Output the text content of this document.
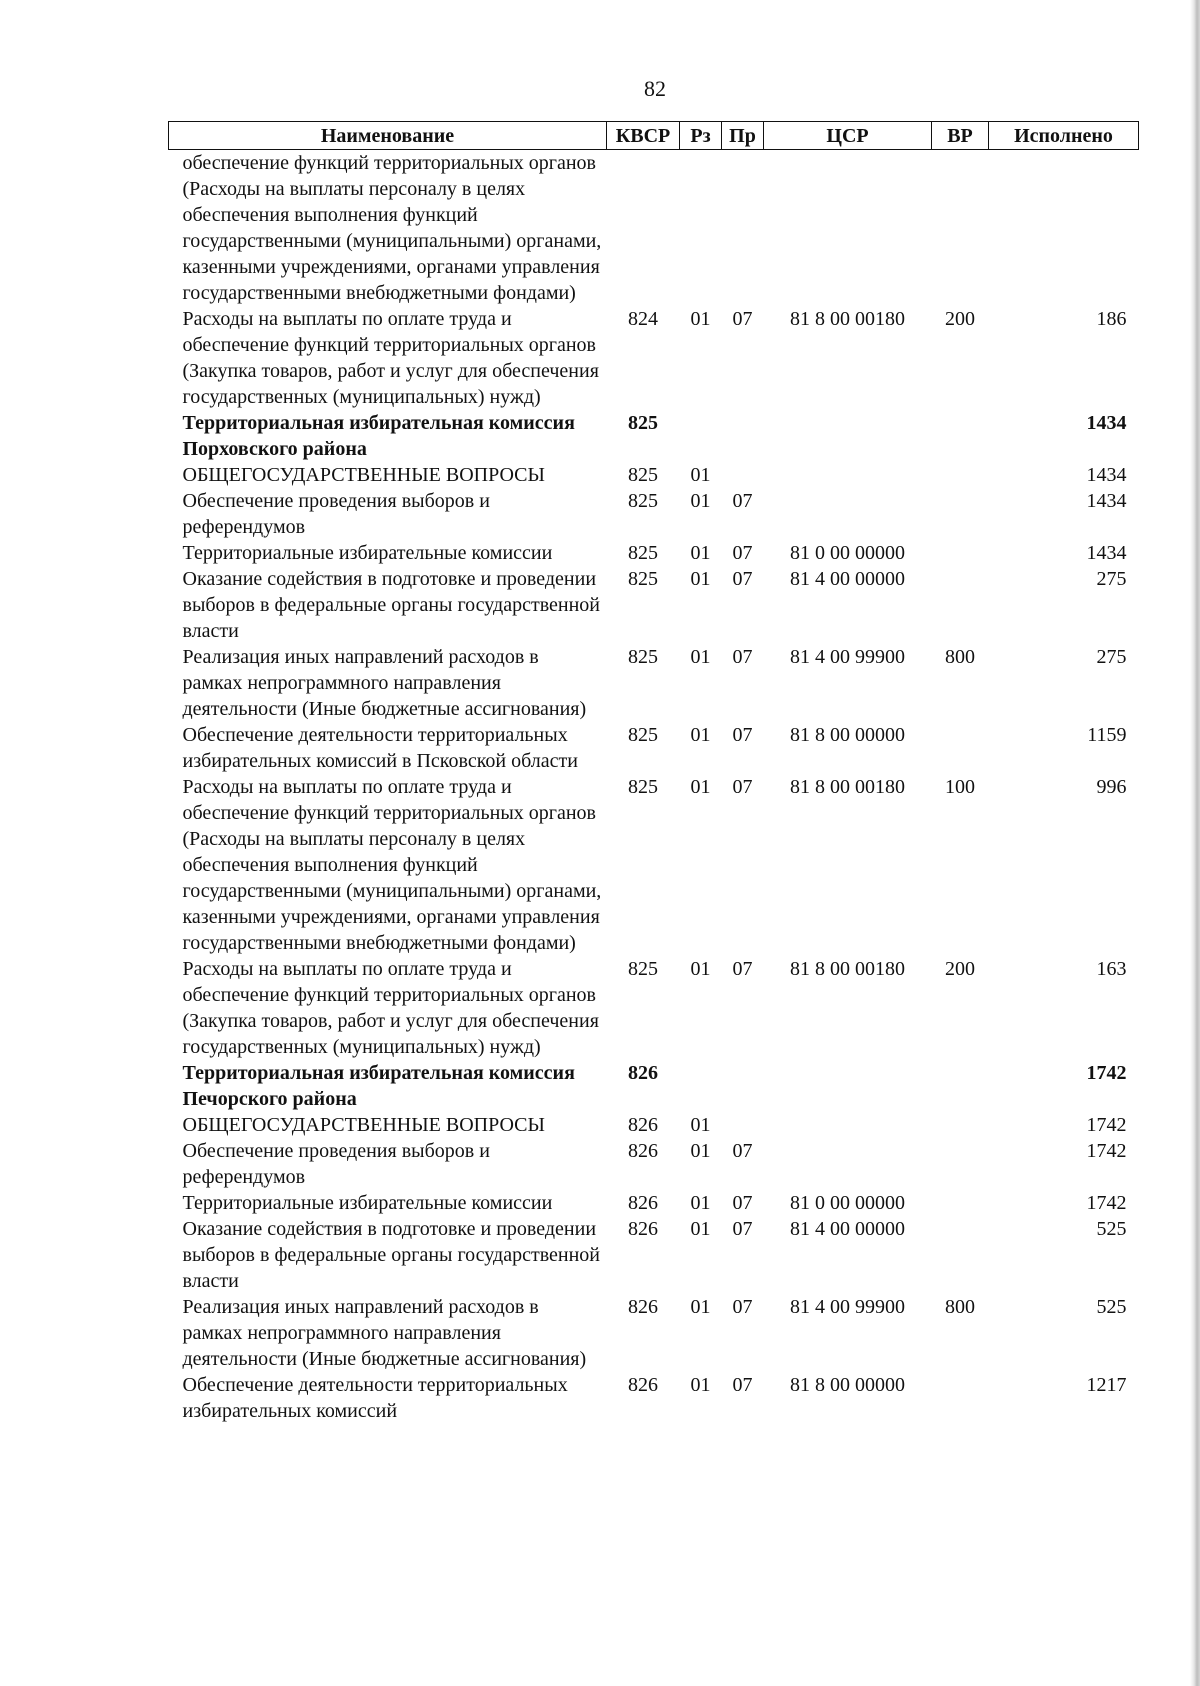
82
Наименование	КВСР	Рз	Пр	ЦСР	ВР	Исполнено
обеспечение функций территориальных органов (Расходы на выплаты персоналу в целях обеспечения выполнения функций государственными (муниципальными) органами, казенными учреждениями, органами управления государственными внебюджетными фондами)						
Расходы на выплаты по оплате труда и обеспечение функций территориальных органов (Закупка товаров, работ и услуг для обеспечения государственных (муниципальных) нужд)	824	01	07	81 8 00 00180	200	186
Территориальная избирательная комиссия Порховского района	825					1434
ОБЩЕГОСУДАРСТВЕННЫЕ ВОПРОСЫ	825	01				1434
Обеспечение проведения выборов и референдумов	825	01	07			1434
Территориальные избирательные комиссии	825	01	07	81 0 00 00000		1434
Оказание содействия в подготовке и проведении выборов в федеральные органы государственной власти	825	01	07	81 4 00 00000		275
Реализация иных направлений расходов в рамках непрограммного направления деятельности (Иные бюджетные ассигнования)	825	01	07	81 4 00 99900	800	275
Обеспечение деятельности территориальных избирательных комиссий в Псковской области	825	01	07	81 8 00 00000		1159
Расходы на выплаты по оплате труда и обеспечение функций территориальных органов (Расходы на выплаты персоналу в целях обеспечения выполнения функций государственными (муниципальными) органами, казенными учреждениями, органами управления государственными внебюджетными фондами)	825	01	07	81 8 00 00180	100	996
Расходы на выплаты по оплате труда и обеспечение функций территориальных органов (Закупка товаров, работ и услуг для обеспечения государственных (муниципальных) нужд)	825	01	07	81 8 00 00180	200	163
Территориальная избирательная комиссия Печорского района	826					1742
ОБЩЕГОСУДАРСТВЕННЫЕ ВОПРОСЫ	826	01				1742
Обеспечение проведения выборов и референдумов	826	01	07			1742
Территориальные избирательные комиссии	826	01	07	81 0 00 00000		1742
Оказание содействия в подготовке и проведении выборов в федеральные органы государственной власти	826	01	07	81 4 00 00000		525
Реализация иных направлений расходов в рамках непрограммного направления деятельности (Иные бюджетные ассигнования)	826	01	07	81 4 00 99900	800	525
Обеспечение деятельности территориальных избирательных комиссий	826	01	07	81 8 00 00000		1217
